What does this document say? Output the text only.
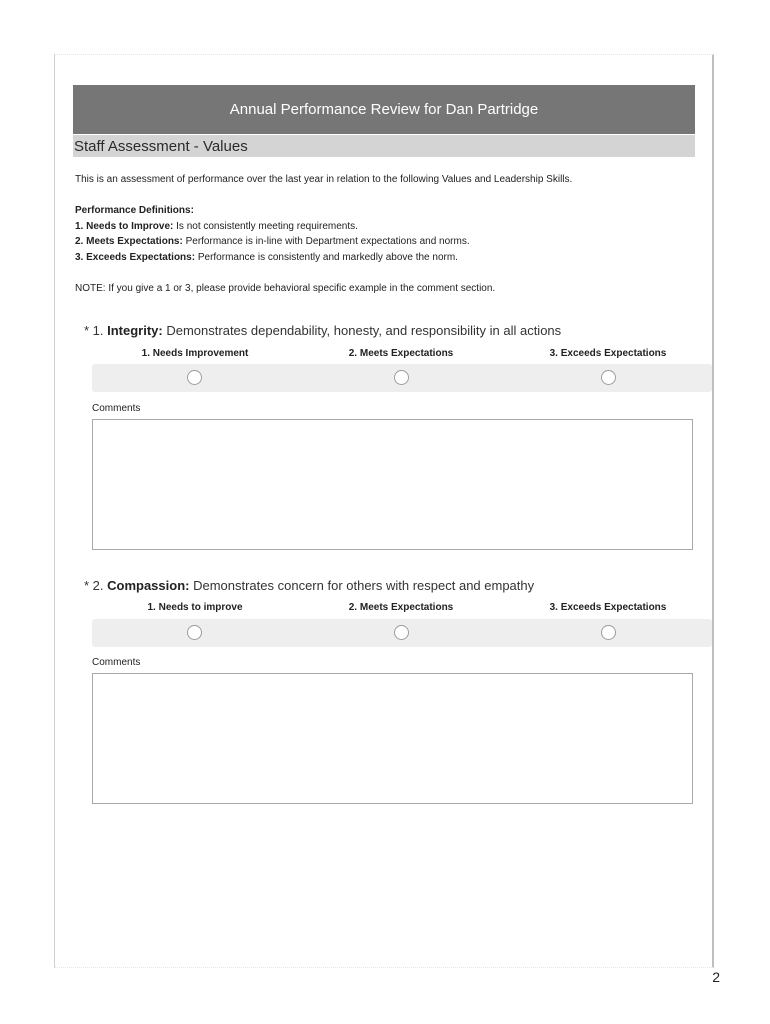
Annual Performance Review for Dan Partridge
Staff Assessment - Values

This is an assessment of performance over the last year in relation to the following Values and Leadership Skills.

Performance Definitions:

1. Needs to Improve: Is not consistently meeting requirements.

2. Meets Expectations: Performance is in-line with Department expectations and norms.

3. Exceeds Expectations: Performance is consistently and markedly above the norm.

NOTE: If you give a 1 or 3, please provide behavioral specific example in the comment section.

* 1. Integrity: Demonstrates dependability, honesty, and responsibility in all actions
1. Needs Improvement	2. Meets Expectations	3. Exceeds Expectations
Comments
* 2. Compassion: Demonstrates concern for others with respect and empathy
1. Needs to improve	2. Meets Expectations	3. Exceeds Expectations
Comments
2
